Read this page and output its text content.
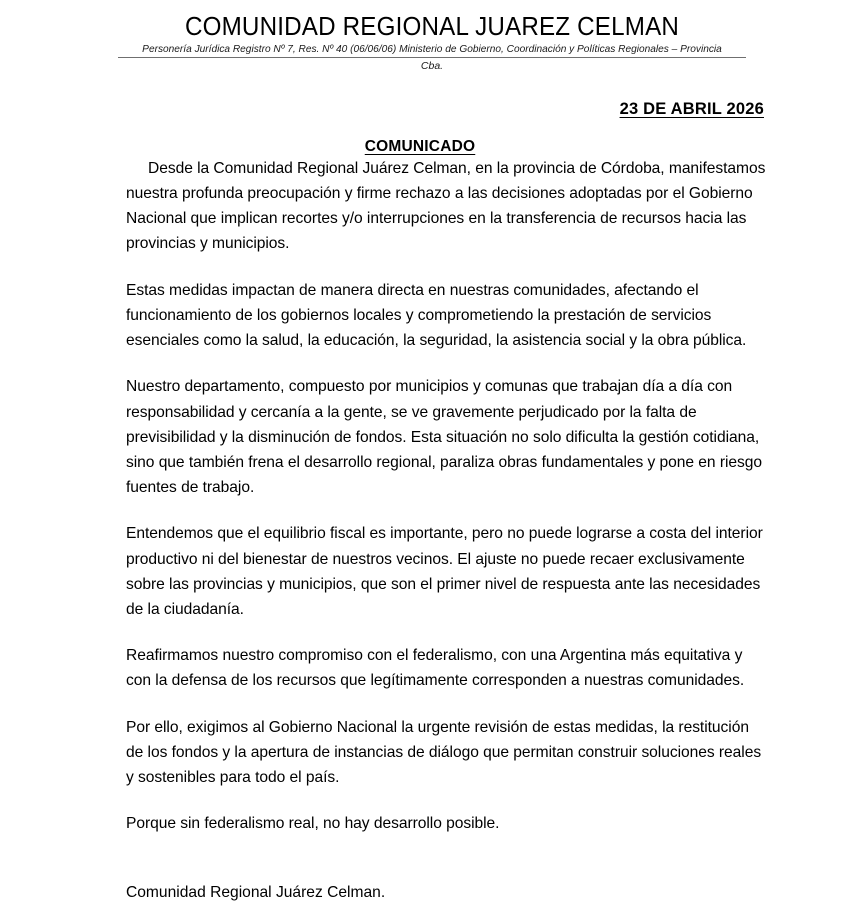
COMUNIDAD REGIONAL JUAREZ CELMAN
Personería Jurídica Registro Nº 7, Res. Nº 40 (06/06/06) Ministerio de Gobierno, Coordinación y Políticas Regionales – Provincia
Cba.
23 DE ABRIL 2026
COMUNICADO

Desde la Comunidad Regional Juárez Celman, en la provincia de Córdoba, manifestamos nuestra profunda preocupación y firme rechazo a las decisiones adoptadas por el Gobierno Nacional que implican recortes y/o interrupciones en la transferencia de recursos hacia las provincias y municipios.

Estas medidas impactan de manera directa en nuestras comunidades, afectando el funcionamiento de los gobiernos locales y comprometiendo la prestación de servicios esenciales como la salud, la educación, la seguridad, la asistencia social y la obra pública.

Nuestro departamento, compuesto por municipios y comunas que trabajan día a día con responsabilidad y cercanía a la gente, se ve gravemente perjudicado por la falta de previsibilidad y la disminución de fondos. Esta situación no solo dificulta la gestión cotidiana, sino que también frena el desarrollo regional, paraliza obras fundamentales y pone en riesgo fuentes de trabajo.

Entendemos que el equilibrio fiscal es importante, pero no puede lograrse a costa del interior productivo ni del bienestar de nuestros vecinos. El ajuste no puede recaer exclusivamente sobre las provincias y municipios, que son el primer nivel de respuesta ante las necesidades de la ciudadanía.

Reafirmamos nuestro compromiso con el federalismo, con una Argentina más equitativa y con la defensa de los recursos que legítimamente corresponden a nuestras comunidades.

Por ello, exigimos al Gobierno Nacional la urgente revisión de estas medidas, la restitución de los fondos y la apertura de instancias de diálogo que permitan construir soluciones reales y sostenibles para todo el país.

Porque sin federalismo real, no hay desarrollo posible.

Comunidad Regional Juárez Celman.
